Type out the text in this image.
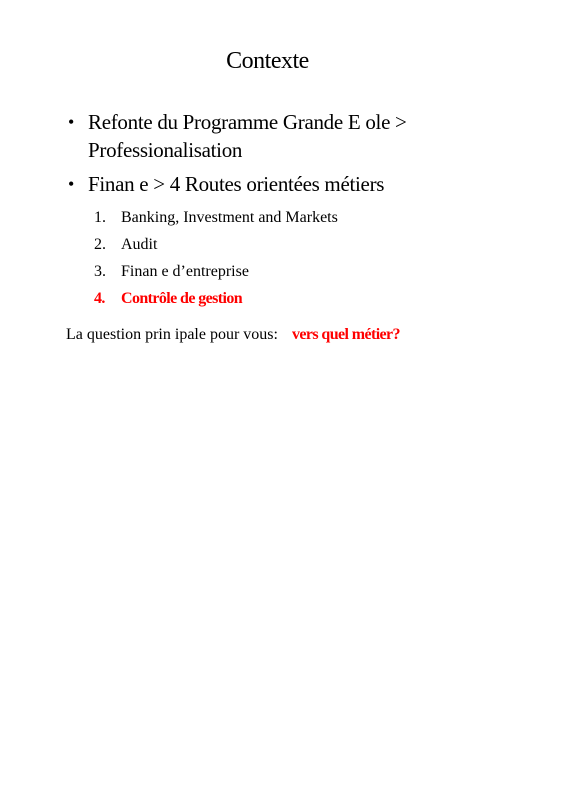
Contexte
• Refonte du Programme Grande E ole > Professionalisation
• Finan e > 4 Routes orientées métiers
1. Banking, Investment and Markets
2. Audit
3. Finan e d’entreprise
4. Contrôle de gestion
La question prin ipale pour vous: vers quel métier?
